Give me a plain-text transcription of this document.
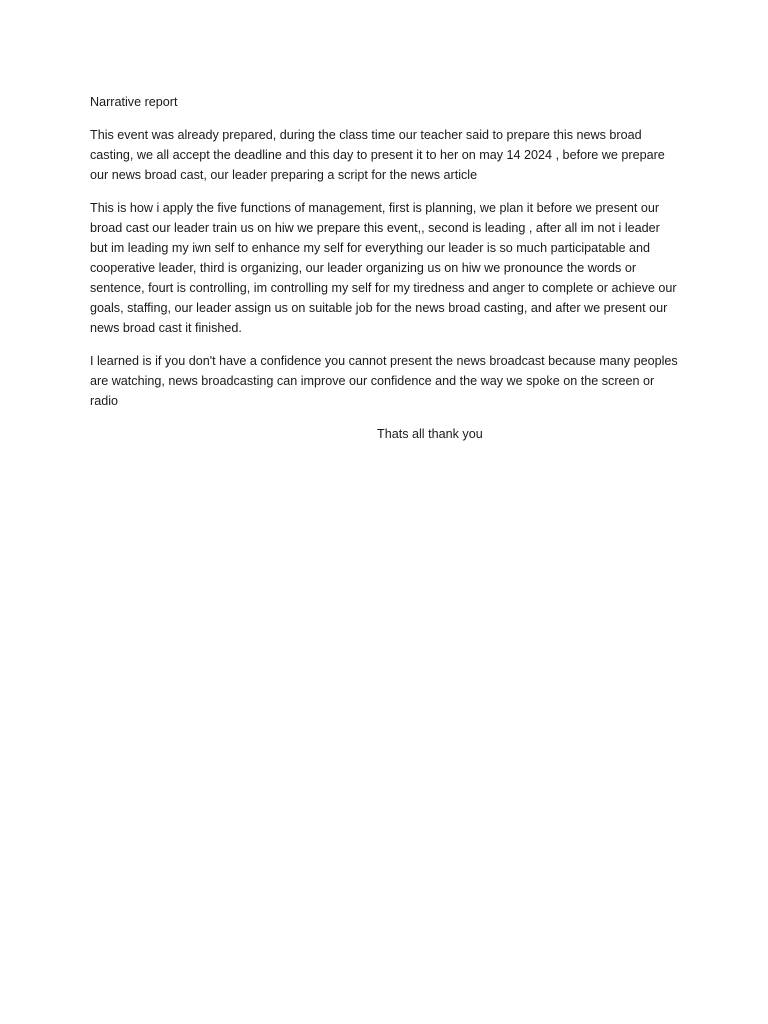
Narrative report

This event was already prepared, during the class time our teacher said to prepare this news broad casting, we all accept the deadline and this day to present it to her on may 14 2024 , before we prepare our news broad cast, our leader preparing a script for the news article

This is how i apply the five functions of management, first is planning, we plan it before we present our broad cast our leader train us on hiw we prepare this event,, second is leading , after all im not i leader but im leading my iwn self to enhance my self for everything our leader is so much participatable and cooperative leader, third is organizing, our leader organizing us on hiw we pronounce the words or sentence, fourt is controlling, im controlling my self for my tiredness and anger to complete or achieve our goals, staffing, our leader assign us on suitable job for the news broad casting, and after we present our news broad cast it finished.

I learned is if you don't have a confidence you cannot present the news broadcast because many peoples are watching, news broadcasting can improve our confidence and the way we spoke on the screen or radio

Thats all thank you
